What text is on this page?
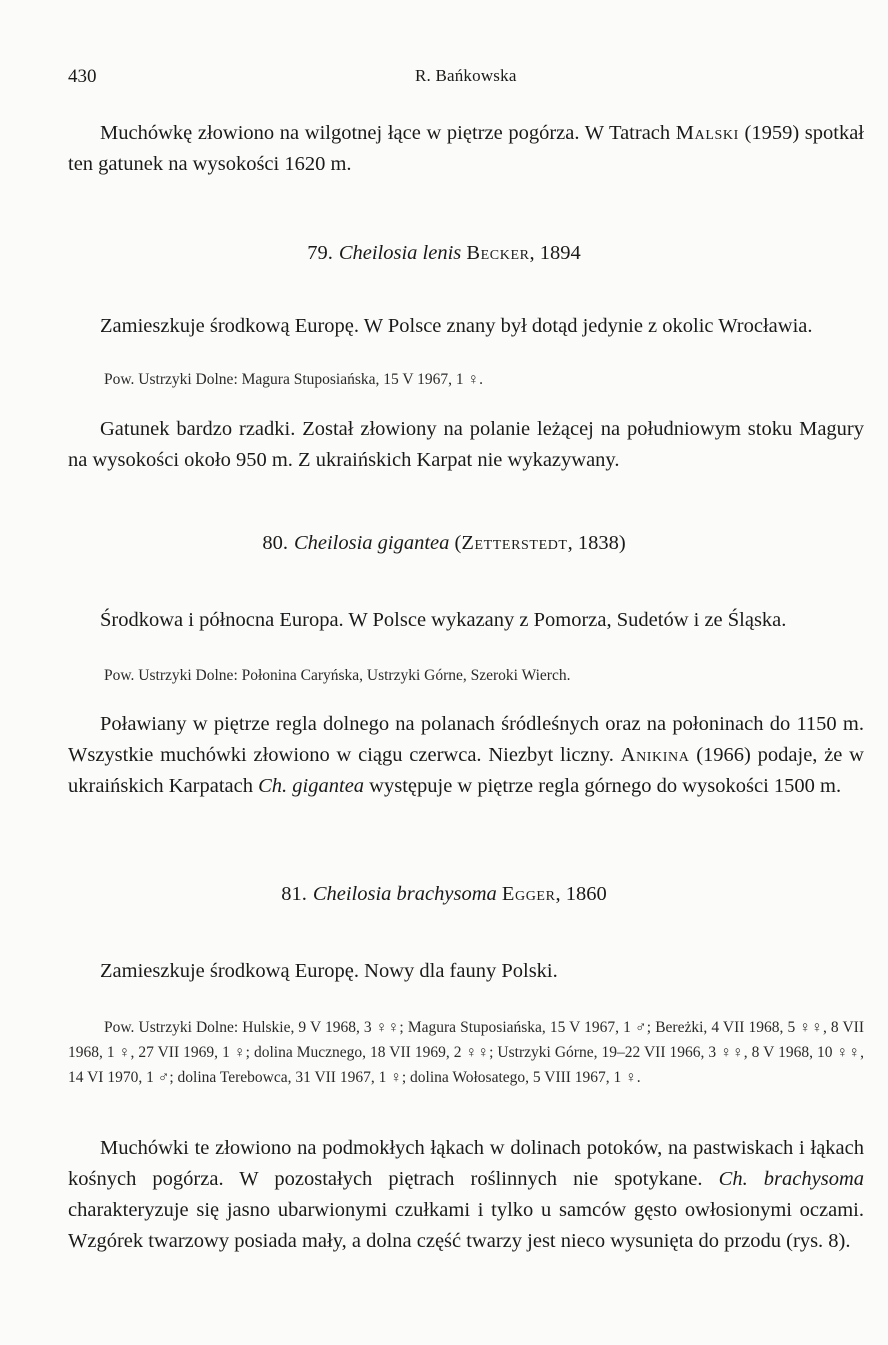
430	R. Bańkowska
Muchówkę złowiono na wilgotnej łące w piętrze pogórza. W Tatrach Malski (1959) spotkał ten gatunek na wysokości 1620 m.
79. Cheilosia lenis Becker, 1894
Zamieszkuje środkową Europę. W Polsce znany był dotąd jedynie z okolic Wrocławia.
Pow. Ustrzyki Dolne: Magura Stuposiańska, 15 V 1967, 1 ♀.
Gatunek bardzo rzadki. Został złowiony na polanie leżącej na południowym stoku Magury na wysokości około 950 m. Z ukraińskich Karpat nie wykazywany.
80. Cheilosia gigantea (Zetterstedt, 1838)
Środkowa i północna Europa. W Polsce wykazany z Pomorza, Sudetów i ze Śląska.
Pow. Ustrzyki Dolne: Połonina Caryńska, Ustrzyki Górne, Szeroki Wierch.
Poławiany w piętrze regla dolnego na polanach śródleśnych oraz na połoninach do 1150 m. Wszystkie muchówki złowiono w ciągu czerwca. Niezbyt liczny. Anikina (1966) podaje, że w ukraińskich Karpatach Ch. gigantea występuje w piętrze regla górnego do wysokości 1500 m.
81. Cheilosia brachysoma Egger, 1860
Zamieszkuje środkową Europę. Nowy dla fauny Polski.
Pow. Ustrzyki Dolne: Hulskie, 9 V 1968, 3 ♀♀; Magura Stuposiańska, 15 V 1967, 1 ♂; Bereżki, 4 VII 1968, 5 ♀♀, 8 VII 1968, 1 ♀, 27 VII 1969, 1 ♀; dolina Mucznego, 18 VII 1969, 2 ♀♀; Ustrzyki Górne, 19–22 VII 1966, 3 ♀♀, 8 V 1968, 10 ♀♀, 14 VI 1970, 1 ♂; dolina Terebowca, 31 VII 1967, 1 ♀; dolina Wołosatego, 5 VIII 1967, 1 ♀.
Muchówki te złowiono na podmokłych łąkach w dolinach potoków, na pastwiskach i łąkach kośnych pogórza. W pozostałych piętrach roślinnych nie spotykane. Ch. brachysoma charakteryzuje się jasno ubarwionymi czułkami i tylko u samców gęsto owłosionymi oczami. Wzgórek twarzowy posiada mały, a dolna część twarzy jest nieco wysunięta do przodu (rys. 8).
